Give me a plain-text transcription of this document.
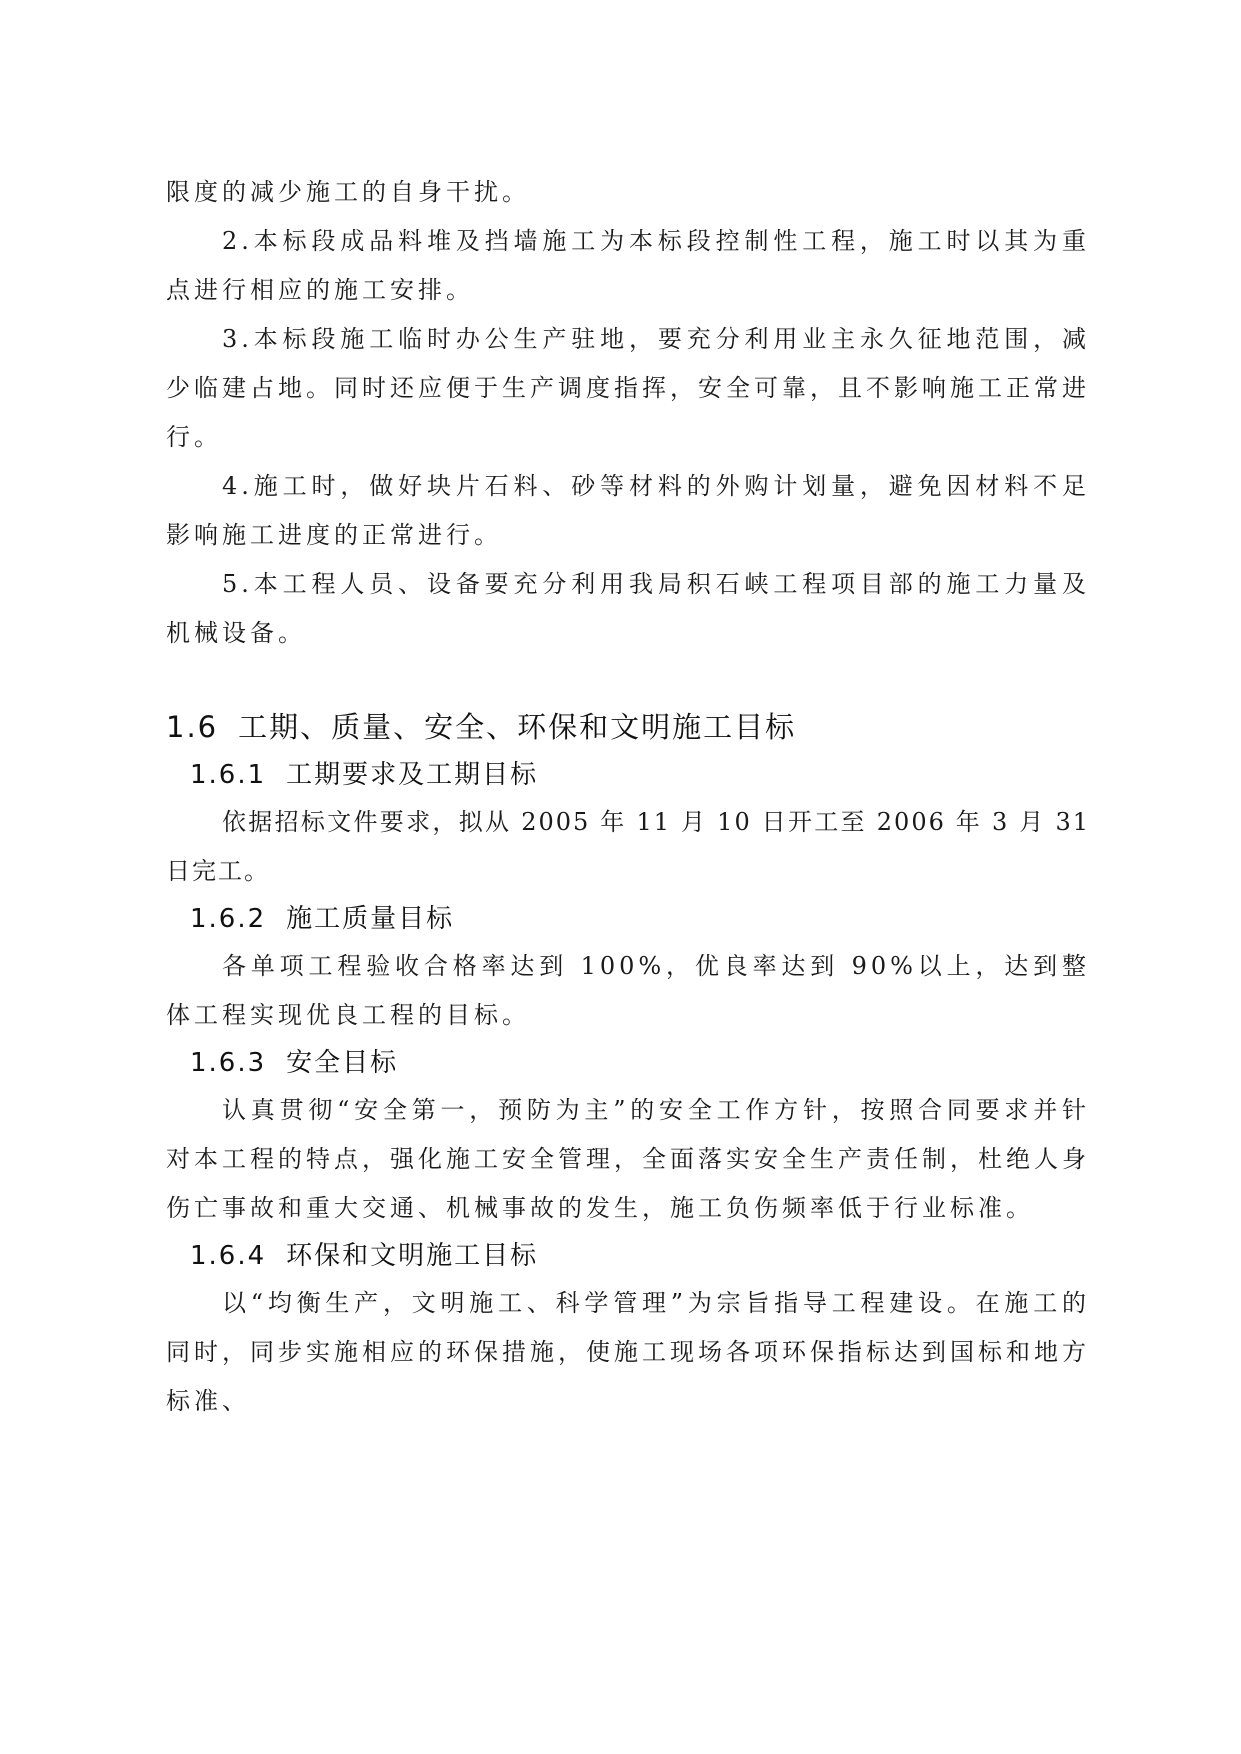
限度的减少施工的自身干扰。

2.本标段成品料堆及挡墙施工为本标段控制性工程，施工时以其为重点进行相应的施工安排。

3.本标段施工临时办公生产驻地，要充分利用业主永久征地范围，减少临建占地。同时还应便于生产调度指挥，安全可靠，且不影响施工正常进行。

4.施工时，做好块片石料、砂等材料的外购计划量，避免因材料不足影响施工进度的正常进行。

5.本工程人员、设备要充分利用我局积石峡工程项目部的施工力量及机械设备。

1.6 工期、质量、安全、环保和文明施工目标
1.6.1 工期要求及工期目标

依据招标文件要求，拟从 2005 年 11 月 10 日开工至 2006 年 3 月 31 日完工。

1.6.2 施工质量目标

各单项工程验收合格率达到 100%，优良率达到 90%以上，达到整体工程实现优良工程的目标。

1.6.3 安全目标

认真贯彻“安全第一，预防为主”的安全工作方针，按照合同要求并针对本工程的特点，强化施工安全管理，全面落实安全生产责任制，杜绝人身伤亡事故和重大交通、机械事故的发生，施工负伤频率低于行业标准。

1.6.4 环保和文明施工目标

以“均衡生产，文明施工、科学管理”为宗旨指导工程建设。在施工的同时，同步实施相应的环保措施，使施工现场各项环保指标达到国标和地方标准、
